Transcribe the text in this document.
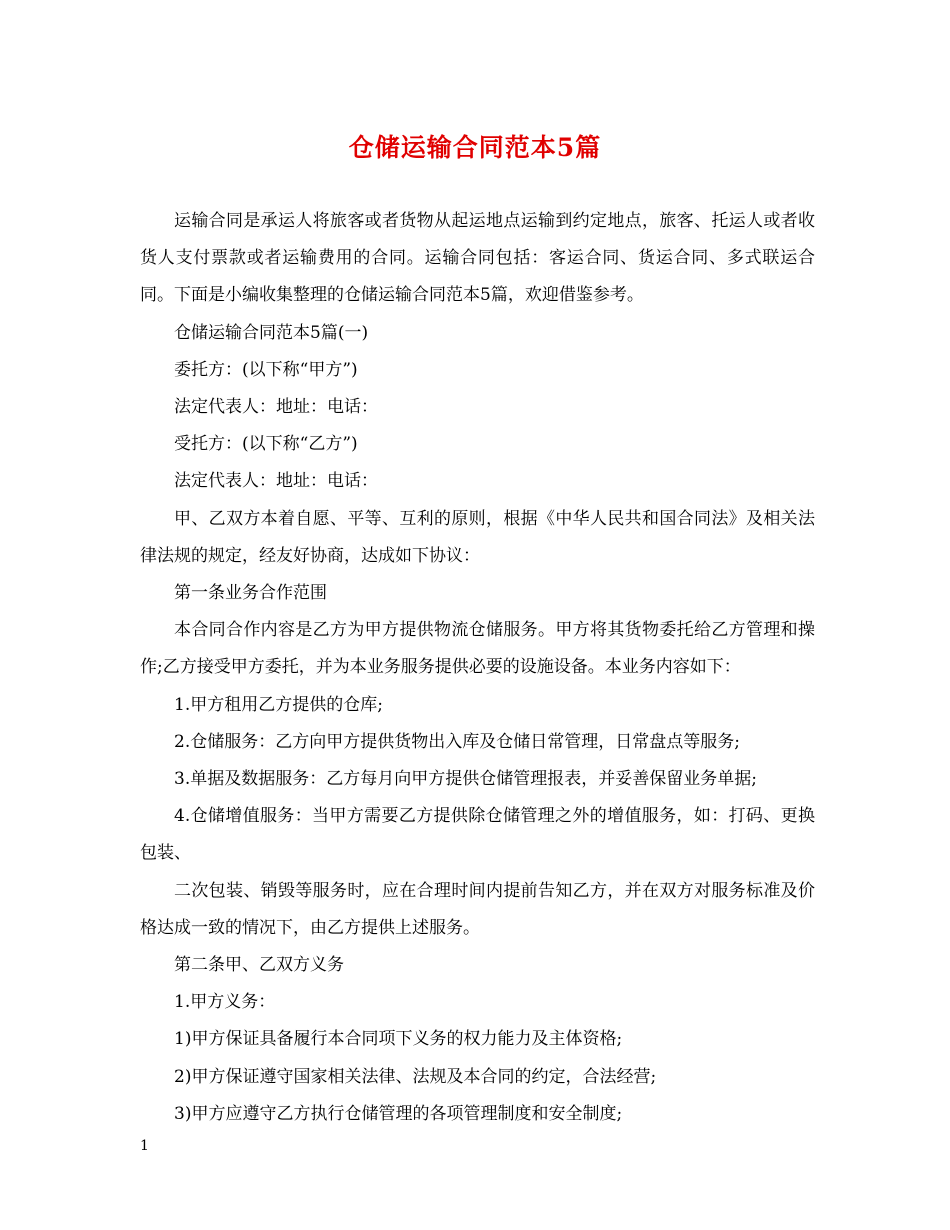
仓储运输合同范本5篇

运输合同是承运人将旅客或者货物从起运地点运输到约定地点，旅客、托运人或者收货人支付票款或者运输费用的合同。运输合同包括：客运合同、货运合同、多式联运合同。下面是小编收集整理的仓储运输合同范本5篇，欢迎借鉴参考。

仓储运输合同范本5篇(一)

委托方：(以下称“甲方”)

法定代表人：地址：电话：

受托方：(以下称“乙方”)

法定代表人：地址：电话：

甲、乙双方本着自愿、平等、互利的原则，根据《中华人民共和国合同法》及相关法律法规的规定，经友好协商，达成如下协议：

第一条业务合作范围

本合同合作内容是乙方为甲方提供物流仓储服务。甲方将其货物委托给乙方管理和操作;乙方接受甲方委托，并为本业务服务提供必要的设施设备。本业务内容如下：

1.甲方租用乙方提供的仓库;

2.仓储服务：乙方向甲方提供货物出入库及仓储日常管理，日常盘点等服务;

3.单据及数据服务：乙方每月向甲方提供仓储管理报表，并妥善保留业务单据;

4.仓储增值服务：当甲方需要乙方提供除仓储管理之外的增值服务，如：打码、更换包装、

二次包装、销毁等服务时，应在合理时间内提前告知乙方，并在双方对服务标准及价格达成一致的情况下，由乙方提供上述服务。

第二条甲、乙双方义务

1.甲方义务：

1)甲方保证具备履行本合同项下义务的权力能力及主体资格;

2)甲方保证遵守国家相关法律、法规及本合同的约定，合法经营;

3)甲方应遵守乙方执行仓储管理的各项管理制度和安全制度;

1
